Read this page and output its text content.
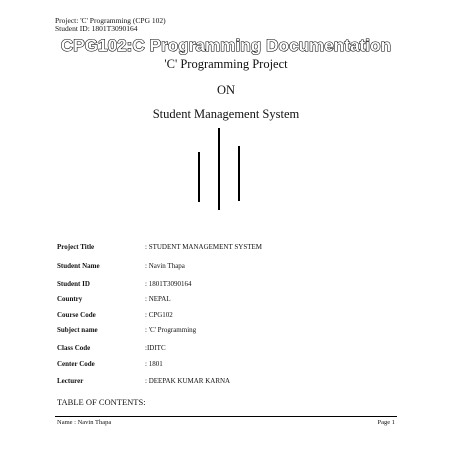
Project: 'C' Programming (CPG 102)
Student ID: 1801T3090164
CPG102:C Programming Documentation
'C' Programming Project
ON
Student Management System
Project Title	: STUDENT MANAGEMENT SYSTEM
Student Name	: Navin Thapa
Student ID	: 1801T3090164
Country	: NEPAL
Course Code	: CPG102
Subject name	: 'C' Programming
Class Code	:IDITC
Center Code	: 1801
Lecturer	: DEEPAK KUMAR KARNA
TABLE OF CONTENTS:
Name : Navin Thapa	Page 1
